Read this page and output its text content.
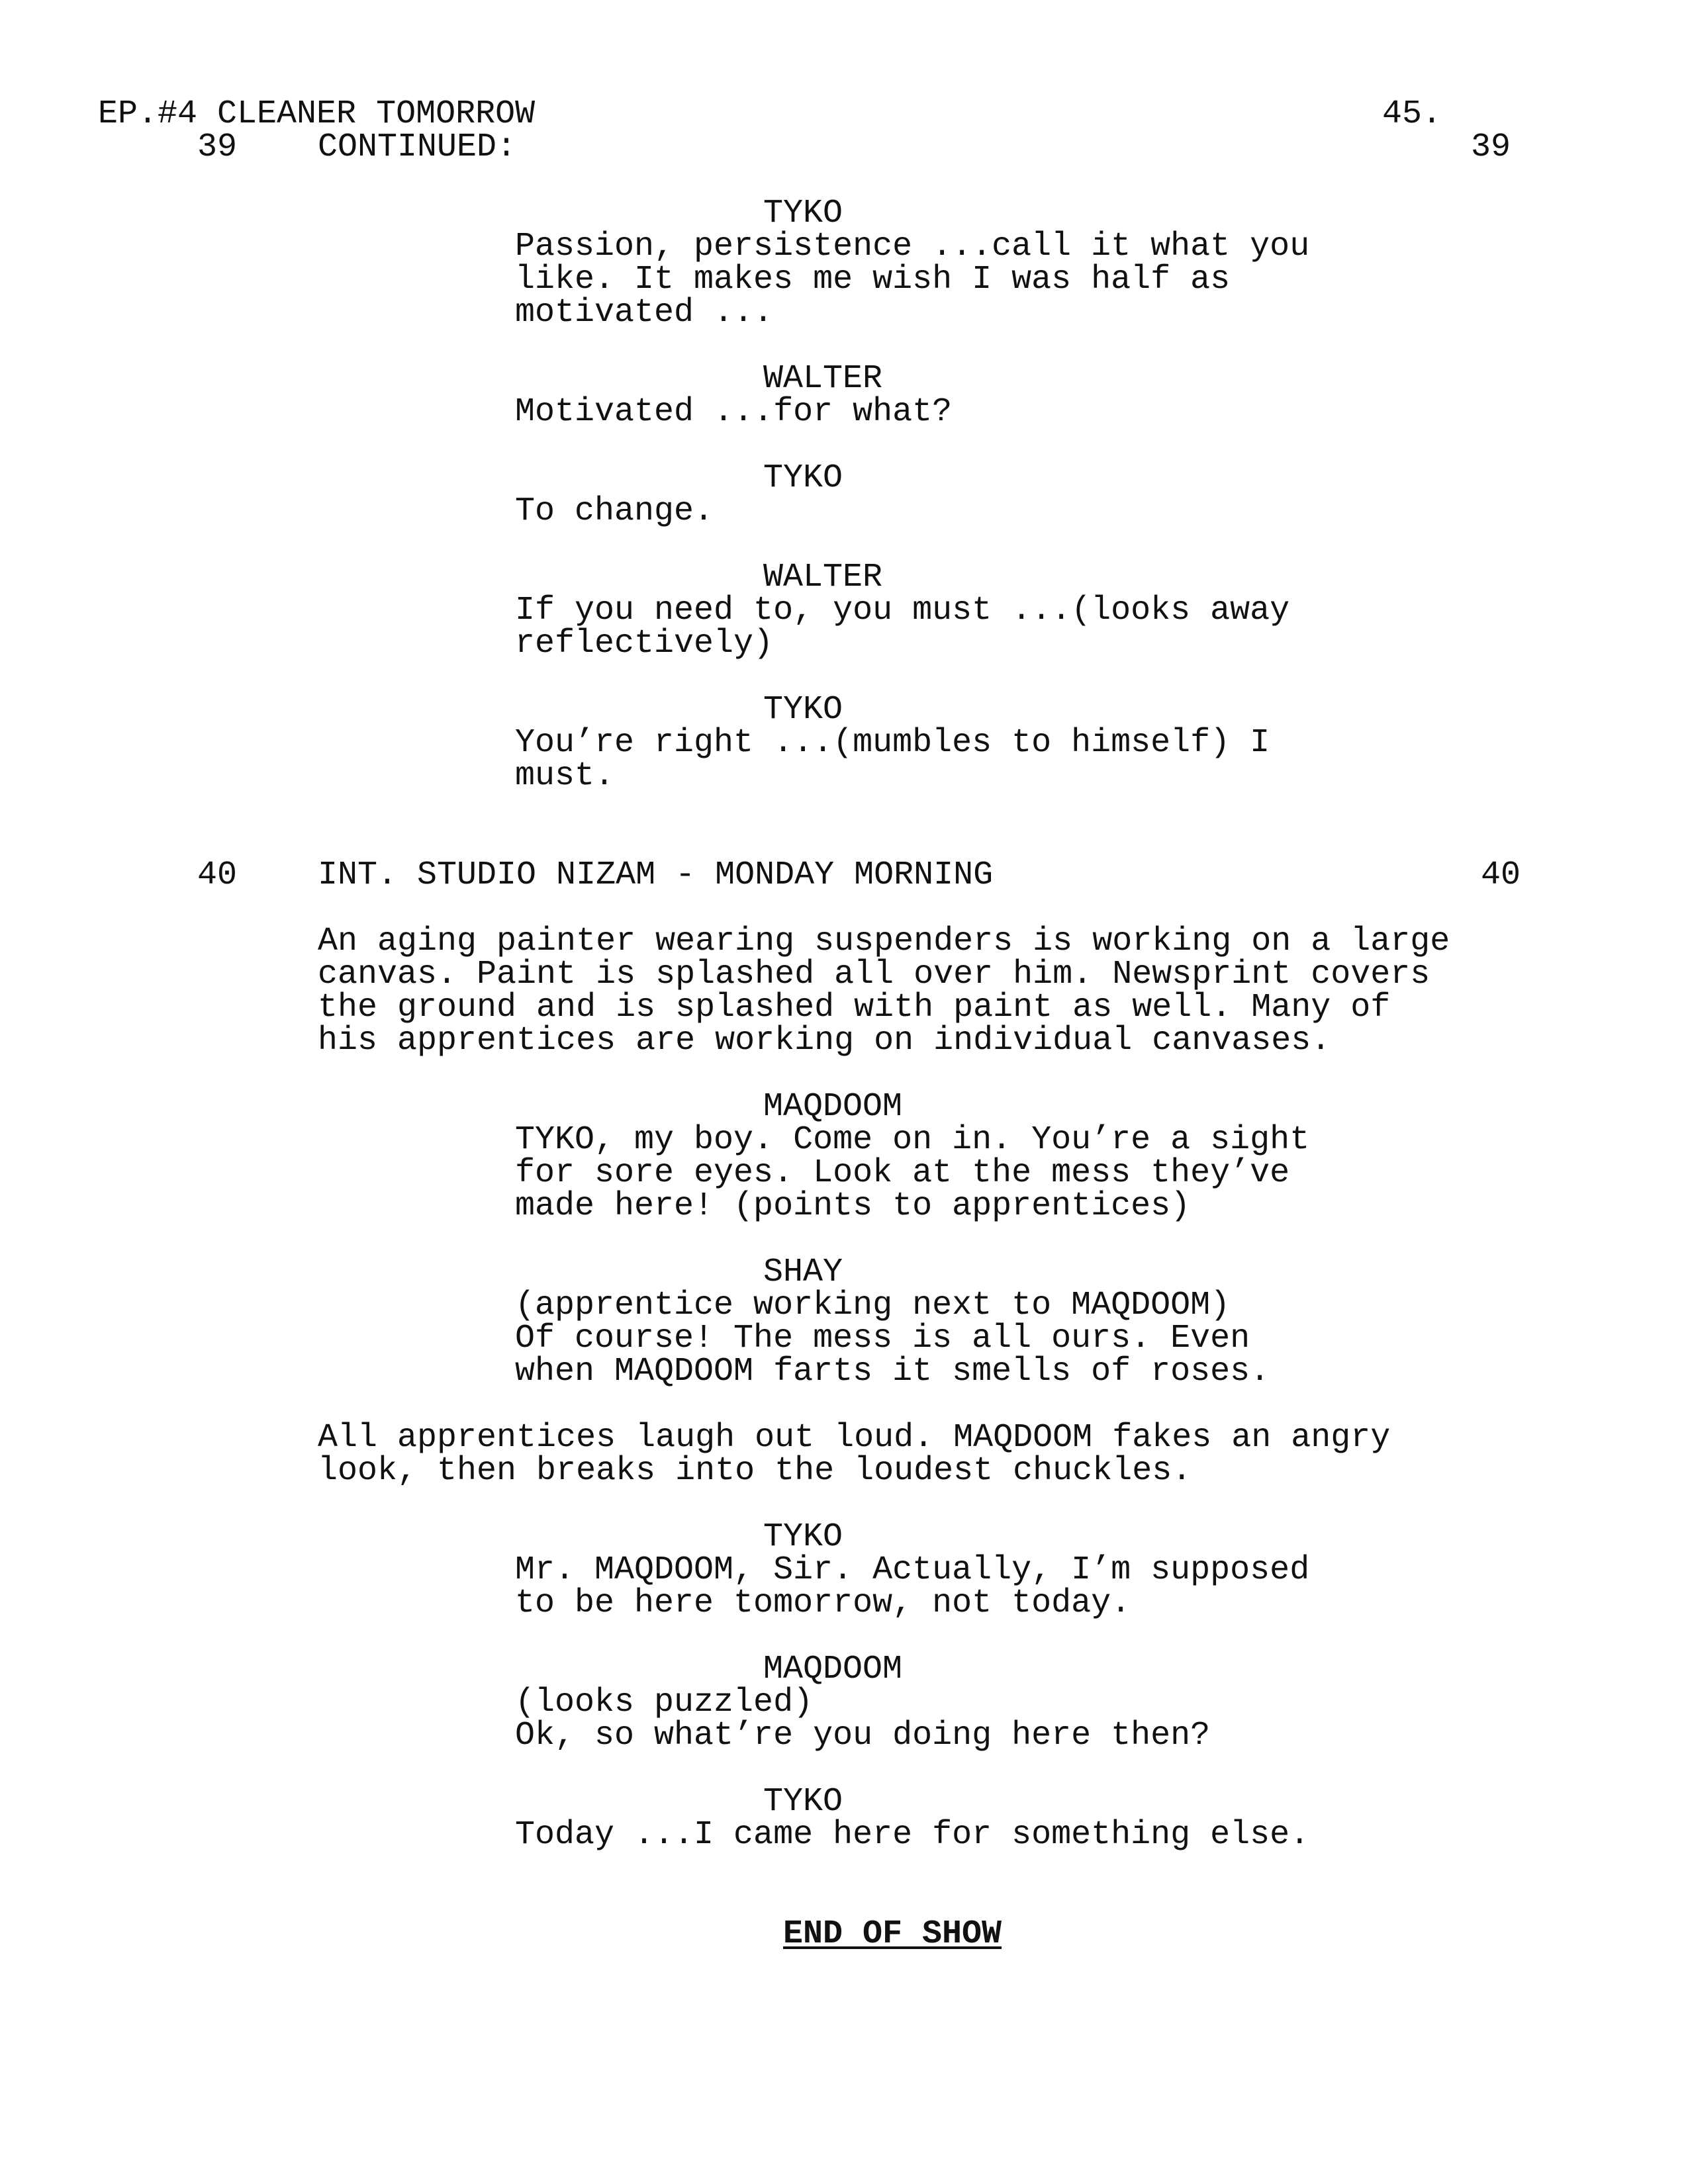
EP.#4 CLEANER TOMORROW	45.
39 CONTINUED:	39
TYKO
Passion, persistence ...call it what you
like. It makes me wish I was half as
motivated ...
WALTER
Motivated ...for what?
TYKO
To change.
WALTER
If you need to, you must ...(looks away
reflectively)
TYKO
You’re right ...(mumbles to himself) I
must.
40 INT. STUDIO NIZAM - MONDAY MORNING	40
An aging painter wearing suspenders is working on a large
canvas. Paint is splashed all over him. Newsprint covers
the ground and is splashed with paint as well. Many of
his apprentices are working on individual canvases.
MAQDOOM
TYKO, my boy. Come on in. You’re a sight
for sore eyes. Look at the mess they’ve
made here! (points to apprentices)
SHAY
(apprentice working next to MAQDOOM)
Of course! The mess is all ours. Even
when MAQDOOM farts it smells of roses.
All apprentices laugh out loud. MAQDOOM fakes an angry
look, then breaks into the loudest chuckles.
TYKO
Mr. MAQDOOM, Sir. Actually, I’m supposed
to be here tomorrow, not today.
MAQDOOM
(looks puzzled)
Ok, so what’re you doing here then?
TYKO
Today ...I came here for something else.
END OF SHOW
